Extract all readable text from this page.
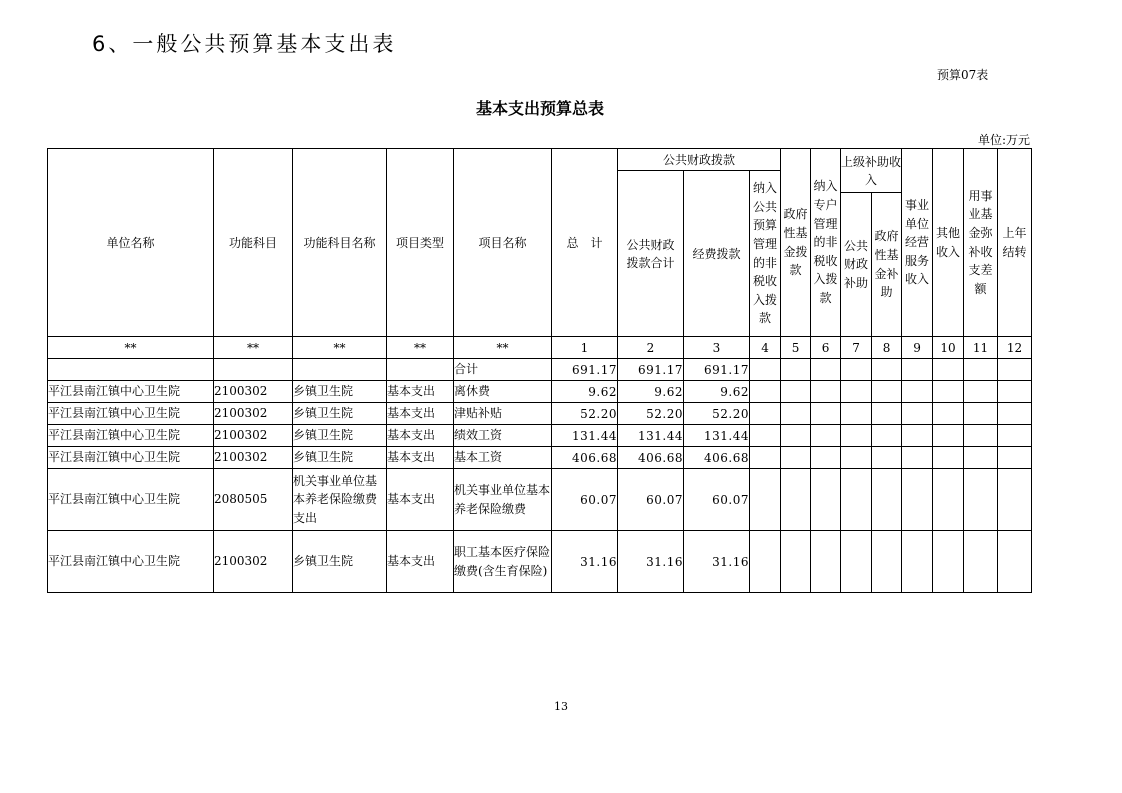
6、一般公共预算基本支出表
预算07表
基本支出预算总表
单位:万元
单位名称	功能科目	功能科目名称	项目类型	项目名称	总　计	公共财政拨款			政府性基金拨款	纳入专户管理的非税收入拨款	上级补助收入		事业单位经营服务收入	其他收入	用事业基金弥补收支差额	上年结转
						公共财政拨款合计	经费拨款	纳入公共预算管理的非税收入拨款								
											公共财政补助	政府性基金补助				
**	**	**	**	**	1	2	3	4	5	6	7	8	9	10	11	12
				合计	691.17	691.17	691.17									
平江县南江镇中心卫生院	2100302	乡镇卫生院	基本支出	离休费	9.62	9.62	9.62									
平江县南江镇中心卫生院	2100302	乡镇卫生院	基本支出	津贴补贴	52.20	52.20	52.20									
平江县南江镇中心卫生院	2100302	乡镇卫生院	基本支出	绩效工资	131.44	131.44	131.44									
平江县南江镇中心卫生院	2100302	乡镇卫生院	基本支出	基本工资	406.68	406.68	406.68									
平江县南江镇中心卫生院	2080505	机关事业单位基本养老保险缴费支出	基本支出	机关事业单位基本养老保险缴费	60.07	60.07	60.07									
平江县南江镇中心卫生院	2100302	乡镇卫生院	基本支出	职工基本医疗保险缴费(含生育保险)	31.16	31.16	31.16									
13
